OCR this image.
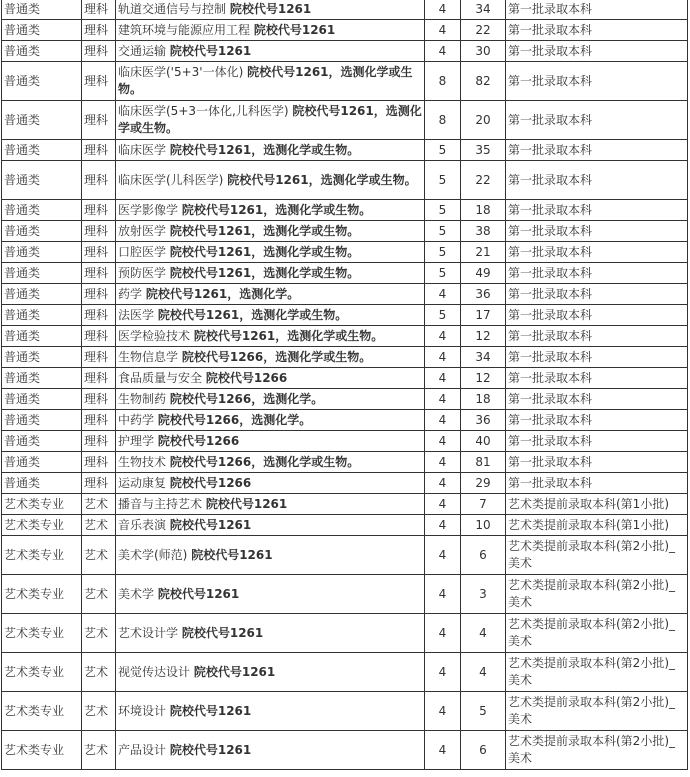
普通类	理科	轨道交通信号与控制 院校代号1261	4	34	第一批录取本科
普通类	理科	建筑环境与能源应用工程 院校代号1261	4	22	第一批录取本科
普通类	理科	交通运输 院校代号1261	4	30	第一批录取本科
普通类	理科	临床医学('5+3'一体化) 院校代号1261，选测化学或生物。	8	82	第一批录取本科
普通类	理科	临床医学(5+3一体化,儿科医学) 院校代号1261，选测化学或生物。	8	20	第一批录取本科
普通类	理科	临床医学 院校代号1261，选测化学或生物。	5	35	第一批录取本科
普通类	理科	临床医学(儿科医学) 院校代号1261，选测化学或生物。	5	22	第一批录取本科
普通类	理科	医学影像学 院校代号1261，选测化学或生物。	5	18	第一批录取本科
普通类	理科	放射医学 院校代号1261，选测化学或生物。	5	38	第一批录取本科
普通类	理科	口腔医学 院校代号1261，选测化学或生物。	5	21	第一批录取本科
普通类	理科	预防医学 院校代号1261，选测化学或生物。	5	49	第一批录取本科
普通类	理科	药学 院校代号1261，选测化学。	4	36	第一批录取本科
普通类	理科	法医学 院校代号1261，选测化学或生物。	5	17	第一批录取本科
普通类	理科	医学检验技术 院校代号1261，选测化学或生物。	4	12	第一批录取本科
普通类	理科	生物信息学 院校代号1266，选测化学或生物。	4	34	第一批录取本科
普通类	理科	食品质量与安全 院校代号1266	4	12	第一批录取本科
普通类	理科	生物制药 院校代号1266，选测化学。	4	18	第一批录取本科
普通类	理科	中药学 院校代号1266，选测化学。	4	36	第一批录取本科
普通类	理科	护理学 院校代号1266	4	40	第一批录取本科
普通类	理科	生物技术 院校代号1266，选测化学或生物。	4	81	第一批录取本科
普通类	理科	运动康复 院校代号1266	4	29	第一批录取本科
艺术类专业	艺术	播音与主持艺术 院校代号1261	4	7	艺术类提前录取本科(第1小批)
艺术类专业	艺术	音乐表演 院校代号1261	4	10	艺术类提前录取本科(第1小批)
艺术类专业	艺术	美术学(师范) 院校代号1261	4	6	艺术类提前录取本科(第2小批)_美术
艺术类专业	艺术	美术学 院校代号1261	4	3	艺术类提前录取本科(第2小批)_美术
艺术类专业	艺术	艺术设计学 院校代号1261	4	4	艺术类提前录取本科(第2小批)_美术
艺术类专业	艺术	视觉传达设计 院校代号1261	4	4	艺术类提前录取本科(第2小批)_美术
艺术类专业	艺术	环境设计 院校代号1261	4	5	艺术类提前录取本科(第2小批)_美术
艺术类专业	艺术	产品设计 院校代号1261	4	6	艺术类提前录取本科(第2小批)_美术
